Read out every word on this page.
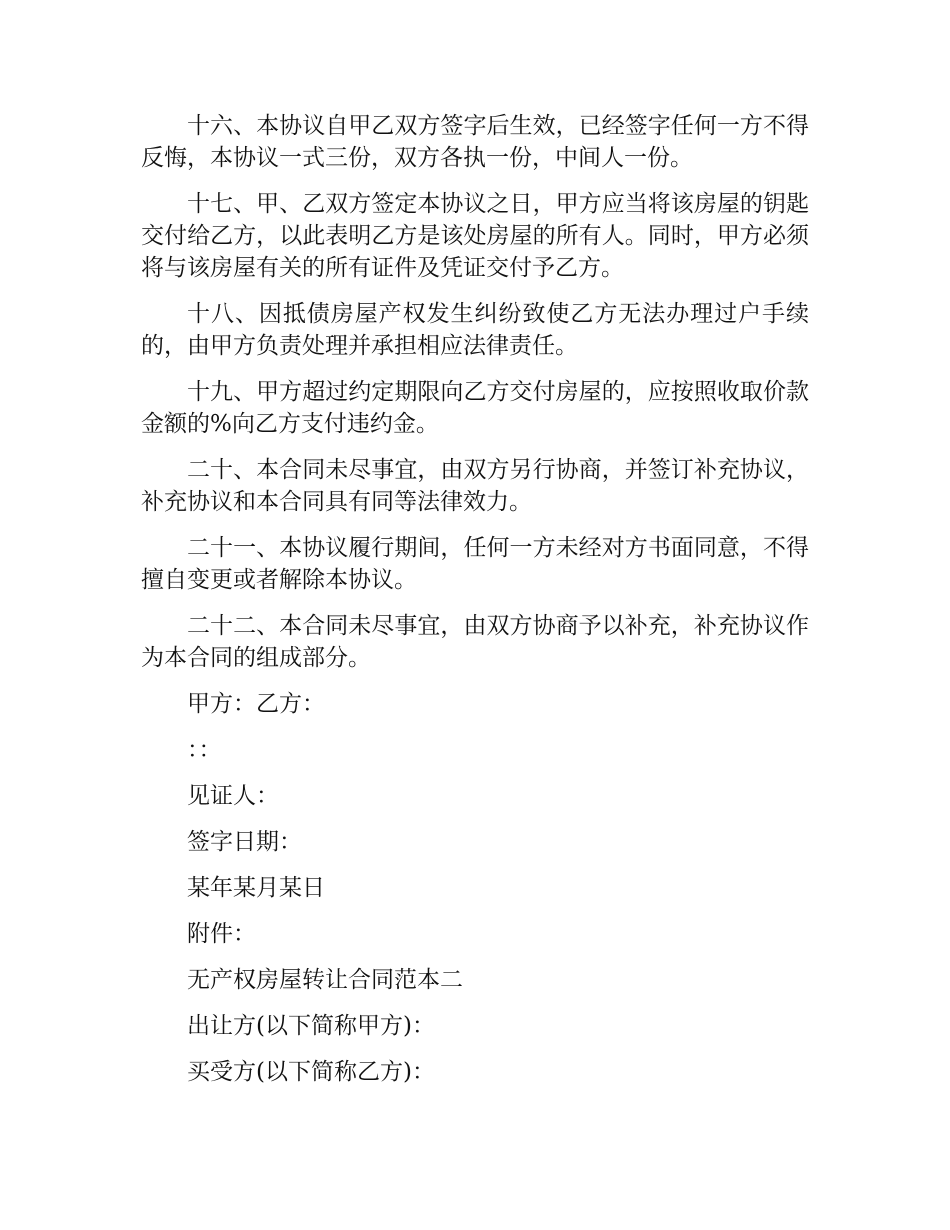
十六、本协议自甲乙双方签字后生效，已经签字任何一方不得反悔，本协议一式三份，双方各执一份，中间人一份。

十七、甲、乙双方签定本协议之日，甲方应当将该房屋的钥匙交付给乙方，以此表明乙方是该处房屋的所有人。同时，甲方必须将与该房屋有关的所有证件及凭证交付予乙方。

十八、因抵债房屋产权发生纠纷致使乙方无法办理过户手续的，由甲方负责处理并承担相应法律责任。

十九、甲方超过约定期限向乙方交付房屋的，应按照收取价款金额的%向乙方支付违约金。

二十、本合同未尽事宜，由双方另行协商，并签订补充协议，补充协议和本合同具有同等法律效力。

二十一、本协议履行期间，任何一方未经对方书面同意，不得擅自变更或者解除本协议。

二十二、本合同未尽事宜，由双方协商予以补充，补充协议作为本合同的组成部分。

甲方：乙方：

：：

见证人：

签字日期：

某年某月某日

附件：

无产权房屋转让合同范本二

出让方(以下简称甲方)：

买受方(以下简称乙方)：
